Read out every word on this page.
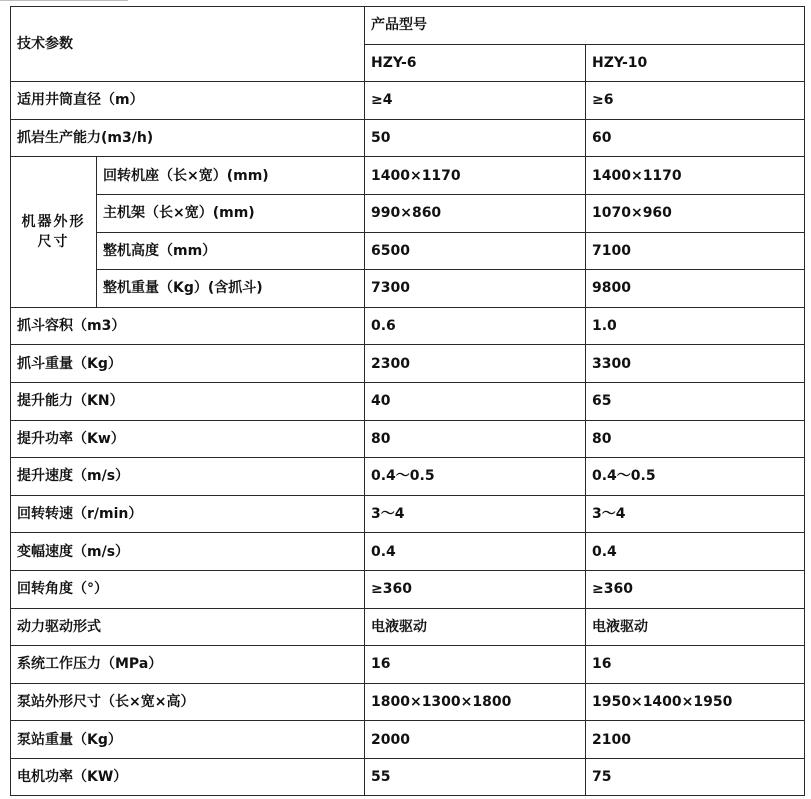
技术参数		产品型号	
		HZY-6	HZY-10
适用井筒直径（m）		≥4	≥6
抓岩生产能力(m3/h)		50	60
机器外形尺寸	回转机座（长×宽）(mm)	1400×1170	1400×1170
	主机架（长×宽）(mm)	990×860	1070×960
	整机高度（mm）	6500	7100
	整机重量（Kg）(含抓斗)	7300	9800
抓斗容积（m3）		0.6	1.0
抓斗重量（Kg）		2300	3300
提升能力（KN）		40	65
提升功率（Kw）		80	80
提升速度（m/s）		0.4～0.5	0.4～0.5
回转转速（r/min）		3～4	3～4
变幅速度（m/s）		0.4	0.4
回转角度（°）		≥360	≥360
动力驱动形式		电液驱动	电液驱动
系统工作压力（MPa）		16	16
泵站外形尺寸（长×宽×高）		1800×1300×1800	1950×1400×1950
泵站重量（Kg）		2000	2100
电机功率（KW）		55	75
